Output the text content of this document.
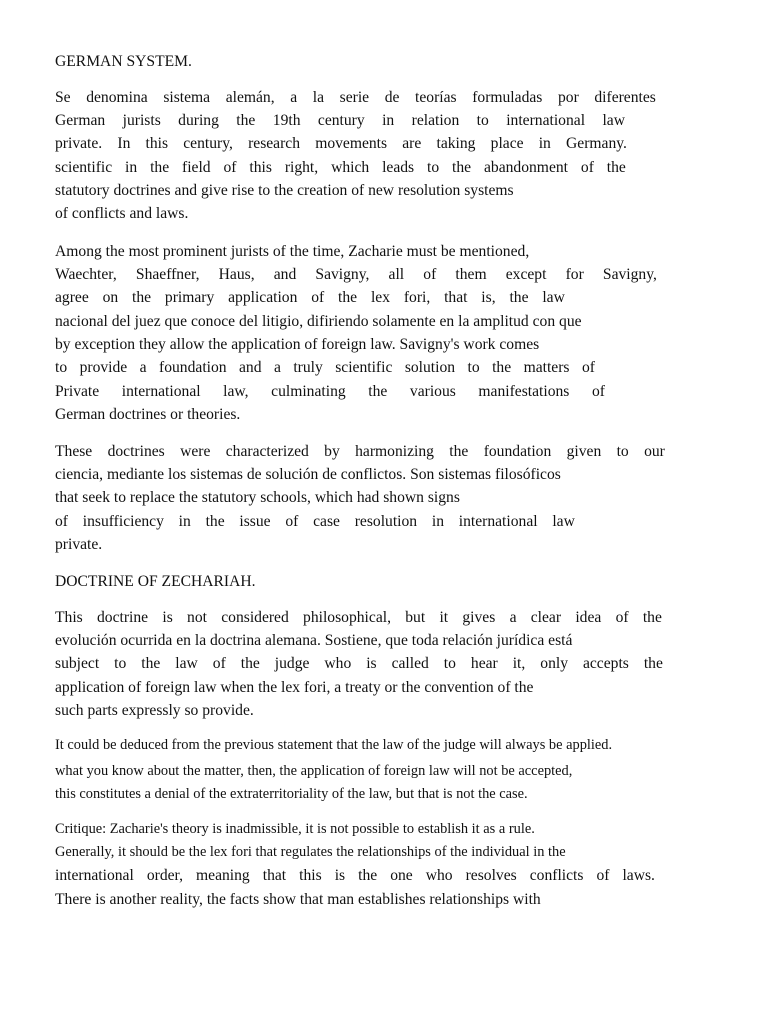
GERMAN SYSTEM.
Se denomina sistema alemán, a la serie de teorías formuladas por diferentes
German jurists during the 19th century in relation to international law
private. In this century, research movements are taking place in Germany.
scientific in the field of this right, which leads to the abandonment of the
statutory doctrines and give rise to the creation of new resolution systems
of conflicts and laws.
Among the most prominent jurists of the time, Zacharie must be mentioned,
Waechter, Shaeffner, Haus, and Savigny, all of them except for Savigny,
agree on the primary application of the lex fori, that is, the law
nacional del juez que conoce del litigio, difiriendo solamente en la amplitud con que
by exception they allow the application of foreign law. Savigny's work comes
to provide a foundation and a truly scientific solution to the matters of
Private international law, culminating the various manifestations of
German doctrines or theories.
These doctrines were characterized by harmonizing the foundation given to our
ciencia, mediante los sistemas de solución de conflictos. Son sistemas filosóficos
that seek to replace the statutory schools, which had shown signs
of insufficiency in the issue of case resolution in international law
private.
DOCTRINE OF ZECHARIAH.
This doctrine is not considered philosophical, but it gives a clear idea of the
evolución ocurrida en la doctrina alemana. Sostiene, que toda relación jurídica está
subject to the law of the judge who is called to hear it, only accepts the
application of foreign law when the lex fori, a treaty or the convention of the
such parts expressly so provide.
It could be deduced from the previous statement that the law of the judge will always be applied.
what you know about the matter, then, the application of foreign law will not be accepted,
this constitutes a denial of the extraterritoriality of the law, but that is not the case.
Critique: Zacharie's theory is inadmissible, it is not possible to establish it as a rule.
Generally, it should be the lex fori that regulates the relationships of the individual in the
international order, meaning that this is the one who resolves conflicts of laws.
There is another reality, the facts show that man establishes relationships with
